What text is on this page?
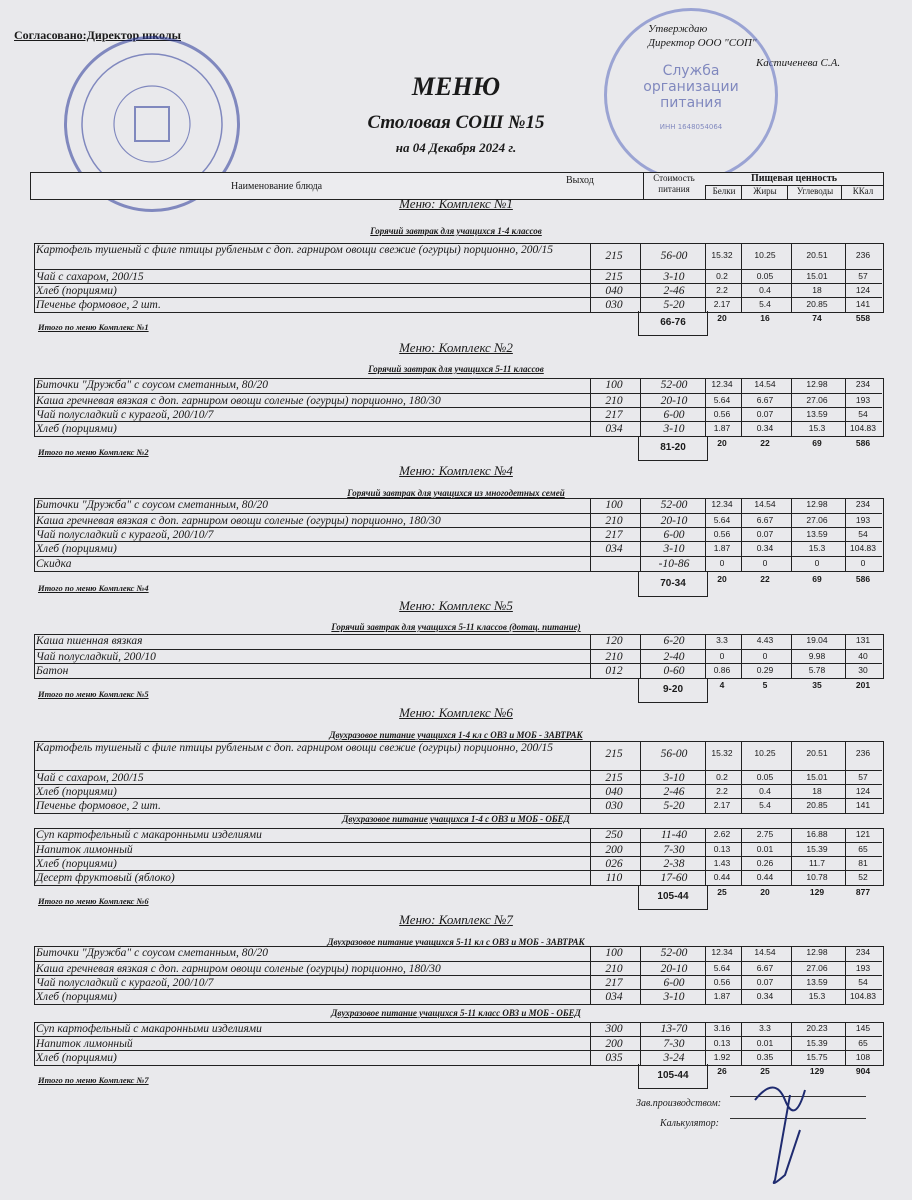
Согласовано:Директор школы	Утверждаю
Директор ООО "СОП"
Кастиченева С.А.
Служба
организации
питания
ИНН 1648054064
МЕНЮ
Столовая СОШ №15
на 04 Декабря 2024 г.
Наименование блюда
Выход	Стоимость питания
Пищевая ценность
Белки	Жиры	Углеводы	ККал
Меню: Комплекс №1
Горячий завтрак для учащихся 1-4 классов
Картофель тушеный с филе птицы рубленым с доп. гарниром овощи свежие (огурцы) порционно, 200/15	215	56-00	15.32	10.25	20.51	236
Чай с сахаром, 200/15	215	3-10	0.2	0.05	15.01	57
Хлеб (порциями)	040	2-46	2.2	0.4	18	124
Печенье формовое, 2 шт.	030	5-20	2.17	5.4	20.85	141
Итого по меню Комплекс №1	66-76	20	16	74	558
Меню: Комплекс №2
Горячий завтрак для учащихся 5-11 классов
Биточки "Дружба" с соусом сметанным, 80/20	100	52-00	12.34	14.54	12.98	234
Каша гречневая вязкая с доп. гарниром овощи соленые (огурцы) порционно, 180/30	210	20-10	5.64	6.67	27.06	193
Чай полусладкий с курагой, 200/10/7	217	6-00	0.56	0.07	13.59	54
Хлеб (порциями)	034	3-10	1.87	0.34	15.3	104.83
Итого по меню Комплекс №2	81-20	20	22	69	586
Меню: Комплекс №4
Горячий завтрак для учащихся из многодетных семей
Биточки "Дружба" с соусом сметанным, 80/20	100	52-00	12.34	14.54	12.98	234
Каша гречневая вязкая с доп. гарниром овощи соленые (огурцы) порционно, 180/30	210	20-10	5.64	6.67	27.06	193
Чай полусладкий с курагой, 200/10/7	217	6-00	0.56	0.07	13.59	54
Хлеб (порциями)	034	3-10	1.87	0.34	15.3	104.83
Скидка	-10-86	0	0	0	0
Итого по меню Комплекс №4	70-34	20	22	69	586
Меню: Комплекс №5
Горячий завтрак для учащихся 5-11 классов (дотац. питание)
Каша пшенная вязкая	120	6-20	3.3	4.43	19.04	131
Чай полусладкий, 200/10	210	2-40	0	0	9.98	40
Батон	012	0-60	0.86	0.29	5.78	30
Итого по меню Комплекс №5	9-20	4	5	35	201
Меню: Комплекс №6
Двухразовое питание учащихся 1-4 кл с ОВЗ и МОБ - ЗАВТРАК
Картофель тушеный с филе птицы рубленым с доп. гарниром овощи свежие (огурцы) порционно, 200/15	215	56-00	15.32	10.25	20.51	236
Чай с сахаром, 200/15	215	3-10	0.2	0.05	15.01	57
Хлеб (порциями)	040	2-46	2.2	0.4	18	124
Печенье формовое, 2 шт.	030	5-20	2.17	5.4	20.85	141
Двухразовое питание учащихся 1-4 с ОВЗ и МОБ - ОБЕД
Суп картофельный с макаронными изделиями	250	11-40	2.62	2.75	16.88	121
Напиток лимонный	200	7-30	0.13	0.01	15.39	65
Хлеб (порциями)	026	2-38	1.43	0.26	11.7	81
Десерт фруктовый (яблоко)	110	17-60	0.44	0.44	10.78	52
Итого по меню Комплекс №6	105-44	25	20	129	877
Меню: Комплекс №7
Двухразовое питание учащихся 5-11 кл с ОВЗ и МОБ - ЗАВТРАК
Биточки "Дружба" с соусом сметанным, 80/20	100	52-00	12.34	14.54	12.98	234
Каша гречневая вязкая с доп. гарниром овощи соленые (огурцы) порционно, 180/30	210	20-10	5.64	6.67	27.06	193
Чай полусладкий с курагой, 200/10/7	217	6-00	0.56	0.07	13.59	54
Хлеб (порциями)	034	3-10	1.87	0.34	15.3	104.83
Двухразовое питание учащихся 5-11 класс ОВЗ и МОБ - ОБЕД
Суп картофельный с макаронными изделиями	300	13-70	3.16	3.3	20.23	145
Напиток лимонный	200	7-30	0.13	0.01	15.39	65
Хлеб (порциями)	035	3-24	1.92	0.35	15.75	108
Итого по меню Комплекс №7	105-44	26	25	129	904
Зав.производством:
Калькулятор:
